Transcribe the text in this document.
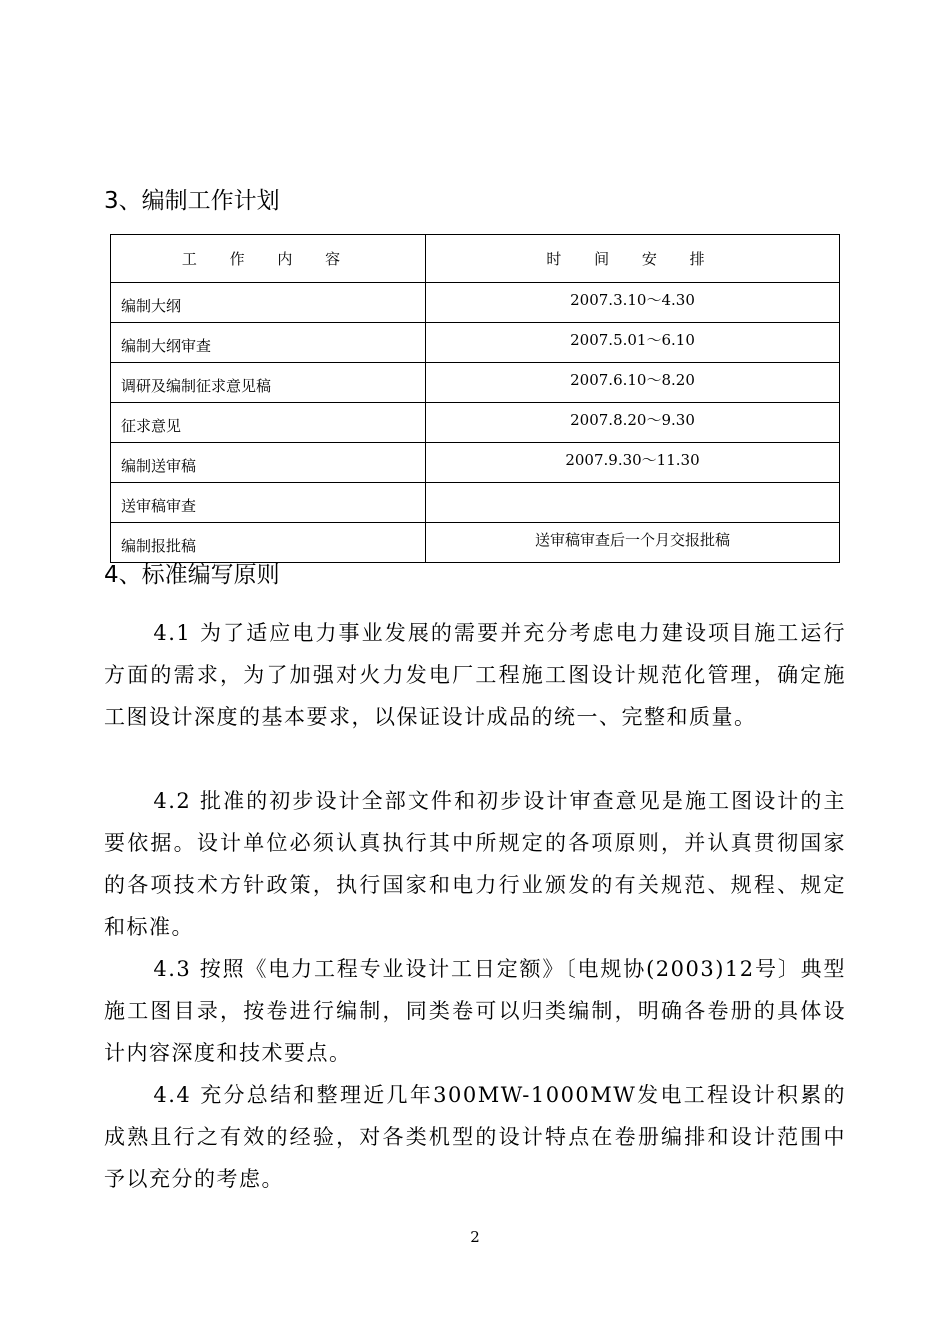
3、编制工作计划
工 作 内 容	时 间 安 排
编制大纲	2007.3.10～4.30
编制大纲审查	2007.5.01～6.10
调研及编制征求意见稿	2007.6.10～8.20
征求意见	2007.8.20～9.30
编制送审稿	2007.9.30～11.30
送审稿审查	
编制报批稿	送审稿审查后一个月交报批稿
4、标准编写原则

4.1 为了适应电力事业发展的需要并充分考虑电力建设项目施工运行方面的需求，为了加强对火力发电厂工程施工图设计规范化管理，确定施工图设计深度的基本要求，以保证设计成品的统一、完整和质量。

4.2 批准的初步设计全部文件和初步设计审查意见是施工图设计的主要依据。设计单位必须认真执行其中所规定的各项原则，并认真贯彻国家的各项技术方针政策，执行国家和电力行业颁发的有关规范、规程、规定和标准。

4.3 按照《电力工程专业设计工日定额》〔电规协(2003)12号〕典型施工图目录，按卷进行编制，同类卷可以归类编制，明确各卷册的具体设计内容深度和技术要点。

4.4 充分总结和整理近几年300MW-1000MW发电工程设计积累的成熟且行之有效的经验，对各类机型的设计特点在卷册编排和设计范围中予以充分的考虑。

2
